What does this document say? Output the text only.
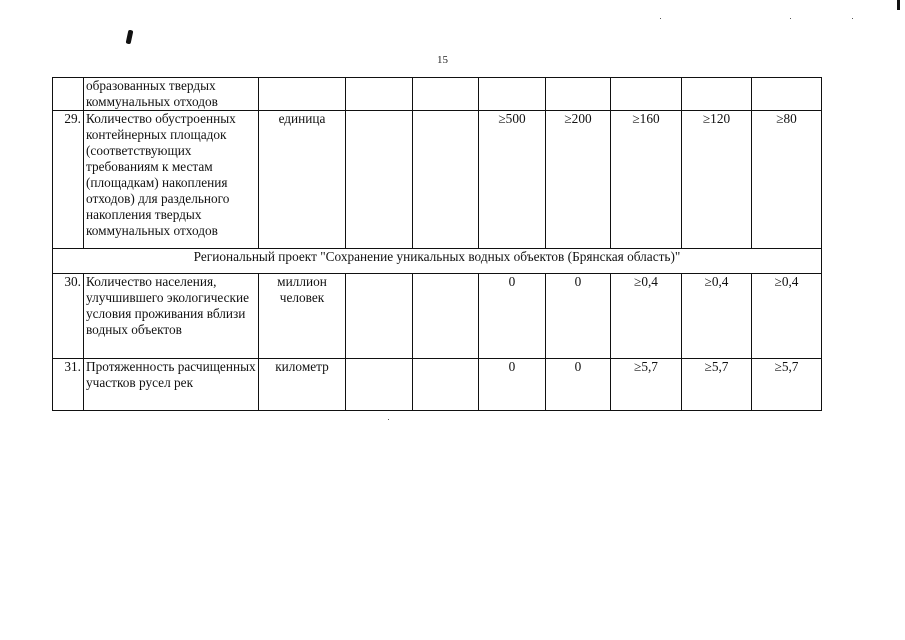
15
	образованных твердых коммунальных отходов								
29.	Количество обустроенных контейнерных площадок (соответствующих требованиям к местам (площадкам) накопления отходов) для раздельного накопления твердых коммунальных отходов	единица			≥500	≥200	≥160	≥120	≥80
Региональный проект "Сохранение уникальных водных объектов (Брянская область)"									
30.	Количество населения, улучшившего экологические условия проживания вблизи водных объектов	миллион человек			0	0	≥0,4	≥0,4	≥0,4
31.	Протяженность расчищенных участков русел рек	километр			0	0	≥5,7	≥5,7	≥5,7
